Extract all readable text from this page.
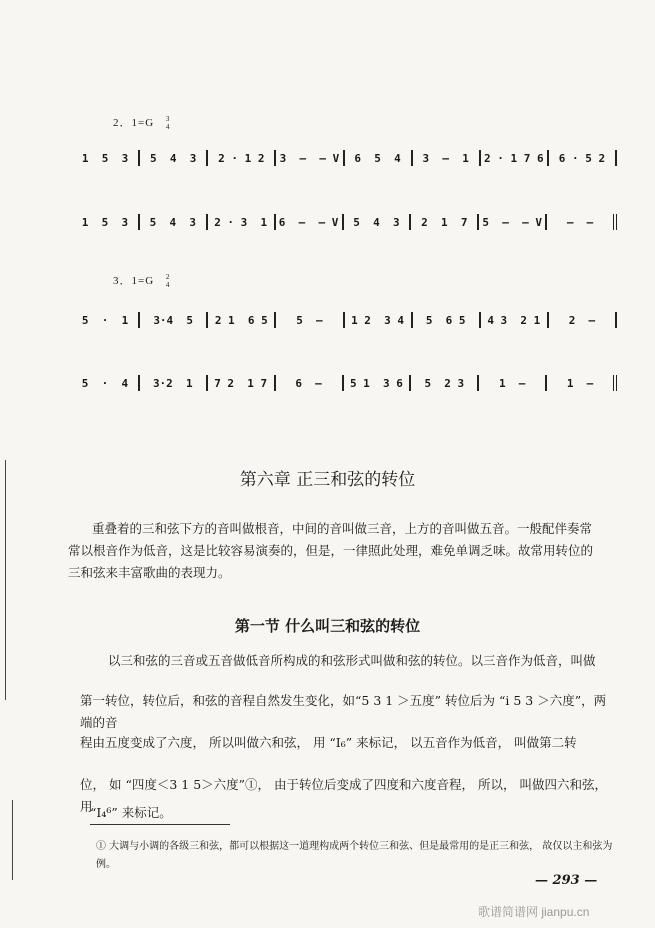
2．1=G 3
4
1  5  3	5  4  3	2 · 1 2	3  —  — V	6  5  4	3  —  1	2 · 1 7 6	6 · 5 2
1  5  3	5  4  3	2 · 3  1	6  —  — V	5  4  3	2  1  7	5  —  — V	—  —
3．1=G 2
4
5  ·  1	3·4  5	2 1  6 5	5  —	1 2  3 4	5  6 5	4 3  2 1	2  —
5  ·  4	3·2  1	7 2  1 7	6  —	5 1  3 6	5  2 3	1  —	1  —
第六章 正三和弦的转位
重叠着的三和弦下方的音叫做根音，中间的音叫做三音，上方的音叫做五音。一般配伴奏常常以根音作为低音，这是比较容易演奏的，但是，一律照此处理，难免单调乏味。故常用转位的三和弦来丰富歌曲的表现力。
第一节 什么叫三和弦的转位
以三和弦的三音或五音做低音所构成的和弦形式叫做和弦的转位。以三音作为低音，叫做
第一转位，转位后，和弦的音程自然发生变化，如“5 3 1 ＞五度” 转位后为 “i 5 3 ＞六度”，两端的音
程由五度变成了六度， 所以叫做六和弦， 用 “I₆” 来标记， 以五音作为低音， 叫做第二转
位， 如 “四度＜3 1 5＞六度”①， 由于转位后变成了四度和六度音程， 所以， 叫做四六和弦， 用
“I₄⁶” 来标记。
① 大调与小调的各级三和弦，都可以根据这一道理构成两个转位三和弦、但是最常用的是正三和弦， 故仅以主和弦为例。
— 293 —
歌谱简谱网 jianpu.cn
